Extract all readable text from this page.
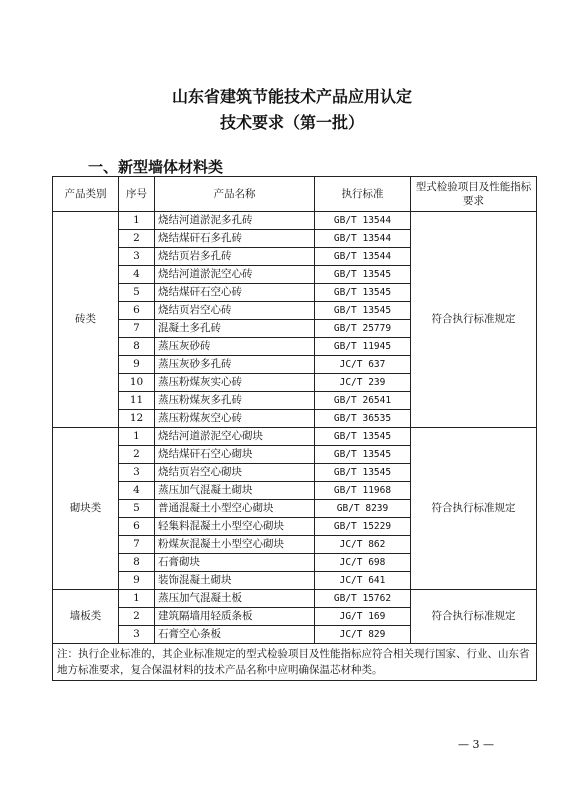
山东省建筑节能技术产品应用认定
技术要求（第一批）
一、新型墙体材料类
产品类别	序号	产品名称	执行标准	型式检验项目及性能指标要求
砖类	1	烧结河道淤泥多孔砖	GB/T 13544	符合执行标准规定
	2	烧结煤矸石多孔砖	GB/T 13544	
	3	烧结页岩多孔砖	GB/T 13544	
	4	烧结河道淤泥空心砖	GB/T 13545	
	5	烧结煤矸石空心砖	GB/T 13545	
	6	烧结页岩空心砖	GB/T 13545	
	7	混凝土多孔砖	GB/T 25779	
	8	蒸压灰砂砖	GB/T 11945	
	9	蒸压灰砂多孔砖	JC/T 637	
	10	蒸压粉煤灰实心砖	JC/T 239	
	11	蒸压粉煤灰多孔砖	GB/T 26541	
	12	蒸压粉煤灰空心砖	GB/T 36535	
砌块类	1	烧结河道淤泥空心砌块	GB/T 13545	符合执行标准规定
	2	烧结煤矸石空心砌块	GB/T 13545	
	3	烧结页岩空心砌块	GB/T 13545	
	4	蒸压加气混凝土砌块	GB/T 11968	
	5	普通混凝土小型空心砌块	GB/T 8239	
	6	轻集料混凝土小型空心砌块	GB/T 15229	
	7	粉煤灰混凝土小型空心砌块	JC/T 862	
	8	石膏砌块	JC/T 698	
	9	装饰混凝土砌块	JC/T 641	
墙板类	1	蒸压加气混凝土板	GB/T 15762	符合执行标准规定
	2	建筑隔墙用轻质条板	JG/T 169	
	3	石膏空心条板	JC/T 829	
注：执行企业标准的，其企业标准规定的型式检验项目及性能指标应符合相关现行国家、行业、山东省地方标准要求，复合保温材料的技术产品名称中应明确保温芯材种类。				
— 3 —
